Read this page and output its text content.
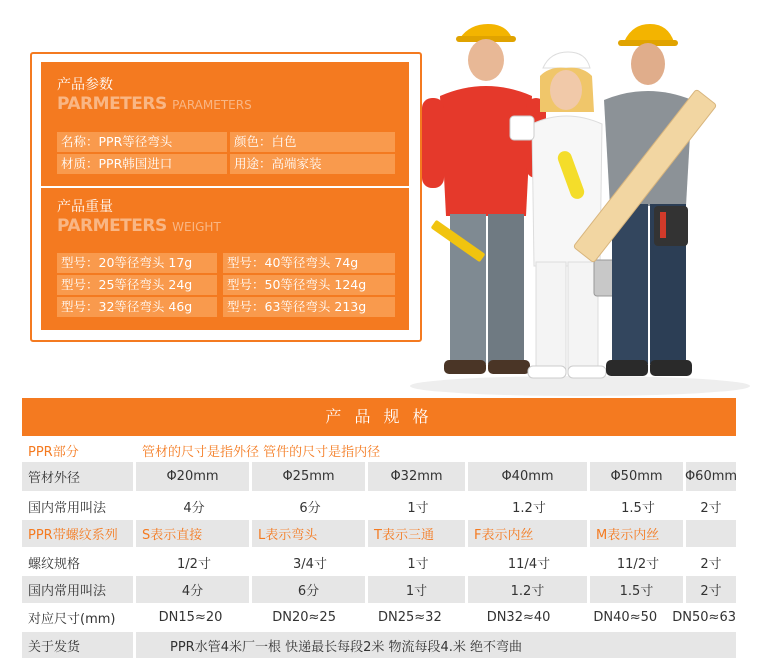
产品参数
PARMETERS PARAMETERS
名称：PPR等径弯头	颜色：白色
材质：PPR韩国进口	用途：高端家装
产品重量
PARMETERS WEIGHT
型号：20等径弯头 17g	型号：40等径弯头 74g
型号：25等径弯头 24g	型号：50等径弯头 124g
型号：32等径弯头 46g	型号：63等径弯头 213g
产 品 规 格
PPR部分	管材的尺寸是指外径 管件的尺寸是指内径
管材外径	Φ20mm	Φ25mm	Φ32mm	Φ40mm	Φ50mm	Φ60mm
国内常用叫法	4分	6分	1寸	1.2寸	1.5寸	2寸
PPR带螺纹系列	S表示直接	L表示弯头	T表示三通	F表示内丝	M表示内丝
螺纹规格	1/2寸	3/4寸	1寸	11/4寸	11/2寸	2寸
国内常用叫法	4分	6分	1寸	1.2寸	1.5寸	2寸
对应尺寸(mm)	DN15≈20	DN20≈25	DN25≈32	DN32≈40	DN40≈50	DN50≈63
关于发货	PPR水管4米厂一根 快递最长每段2米 物流每段4.米 绝不弯曲
